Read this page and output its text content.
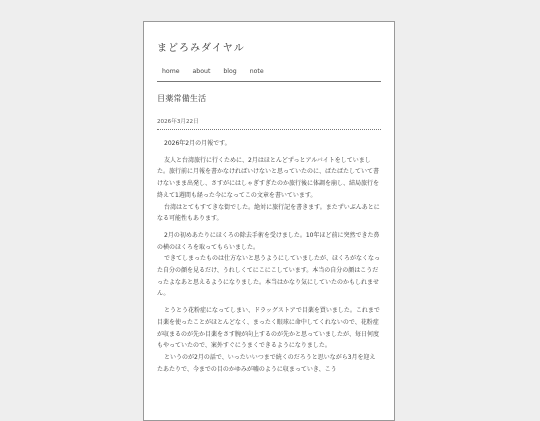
まどろみダイヤル
home about blog note
目薬常備生活
2026年3月22日

2026年2月の月報です。

友人と台湾旅行に行くために、2月はほとんどずっとアルバイトをしていました。旅行前に月報を書かなければいけないと思っていたのに、ばたばたしていて書けないまま出発し、さすがにはしゃぎすぎたのか旅行後に体調を崩し、結局旅行を終えて1週間も経った今になってこの文章を書いています。
台湾はとてもすてきな街でした。絶対に旅行記を書きます。またずいぶんあとになる可能性もあります。

2月の初めあたりにほくろの除去手術を受けました。10年ほど前に突然できた鼻の横のほくろを取ってもらいました。
できてしまったものは仕方ないと思うようにしていましたが、ほくろがなくなった自分の顔を見るだけ、うれしくてにこにこしています。本当の自分の顔はこうだったよなあと思えるようになりました。本当はかなり気にしていたのかもしれません。

とうとう花粉症になってしまい、ドラッグストアで目薬を買いました。これまで目薬を使ったことがほとんどなく、まったく眼球に命中してくれないので、花粉症が収まるのが先か目薬をさす腕が向上するのが先かと思っていましたが、毎日何度もやっていたので、案外すぐにうまくできるようになりました。
というのが2月の話で、いったいいつまで続くのだろうと思いながら3月を迎えたあたりで、今までの目のかゆみが嘘のように収まっていき、こう
